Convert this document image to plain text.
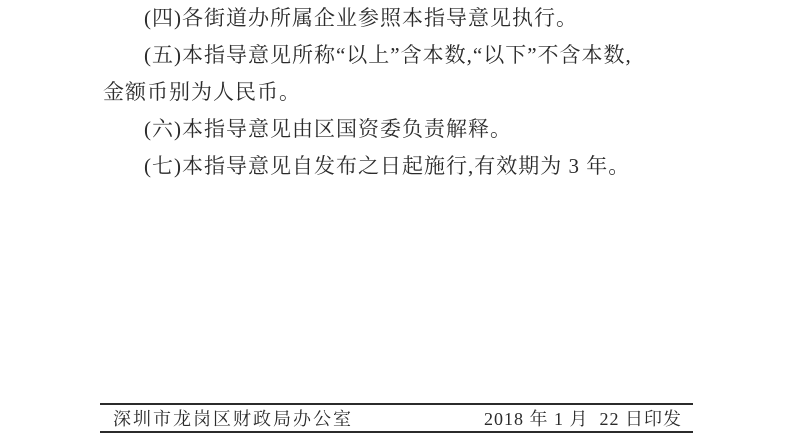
(四)各街道办所属企业参照本指导意见执行。
(五)本指导意见所称“以上”含本数,“以下”不含本数,
金额币别为人民币。
(六)本指导意见由区国资委负责解释。
(七)本指导意见自发布之日起施行,有效期为 3 年。
深圳市龙岗区财政局办公室	2018 年 1 月  22 日印发
